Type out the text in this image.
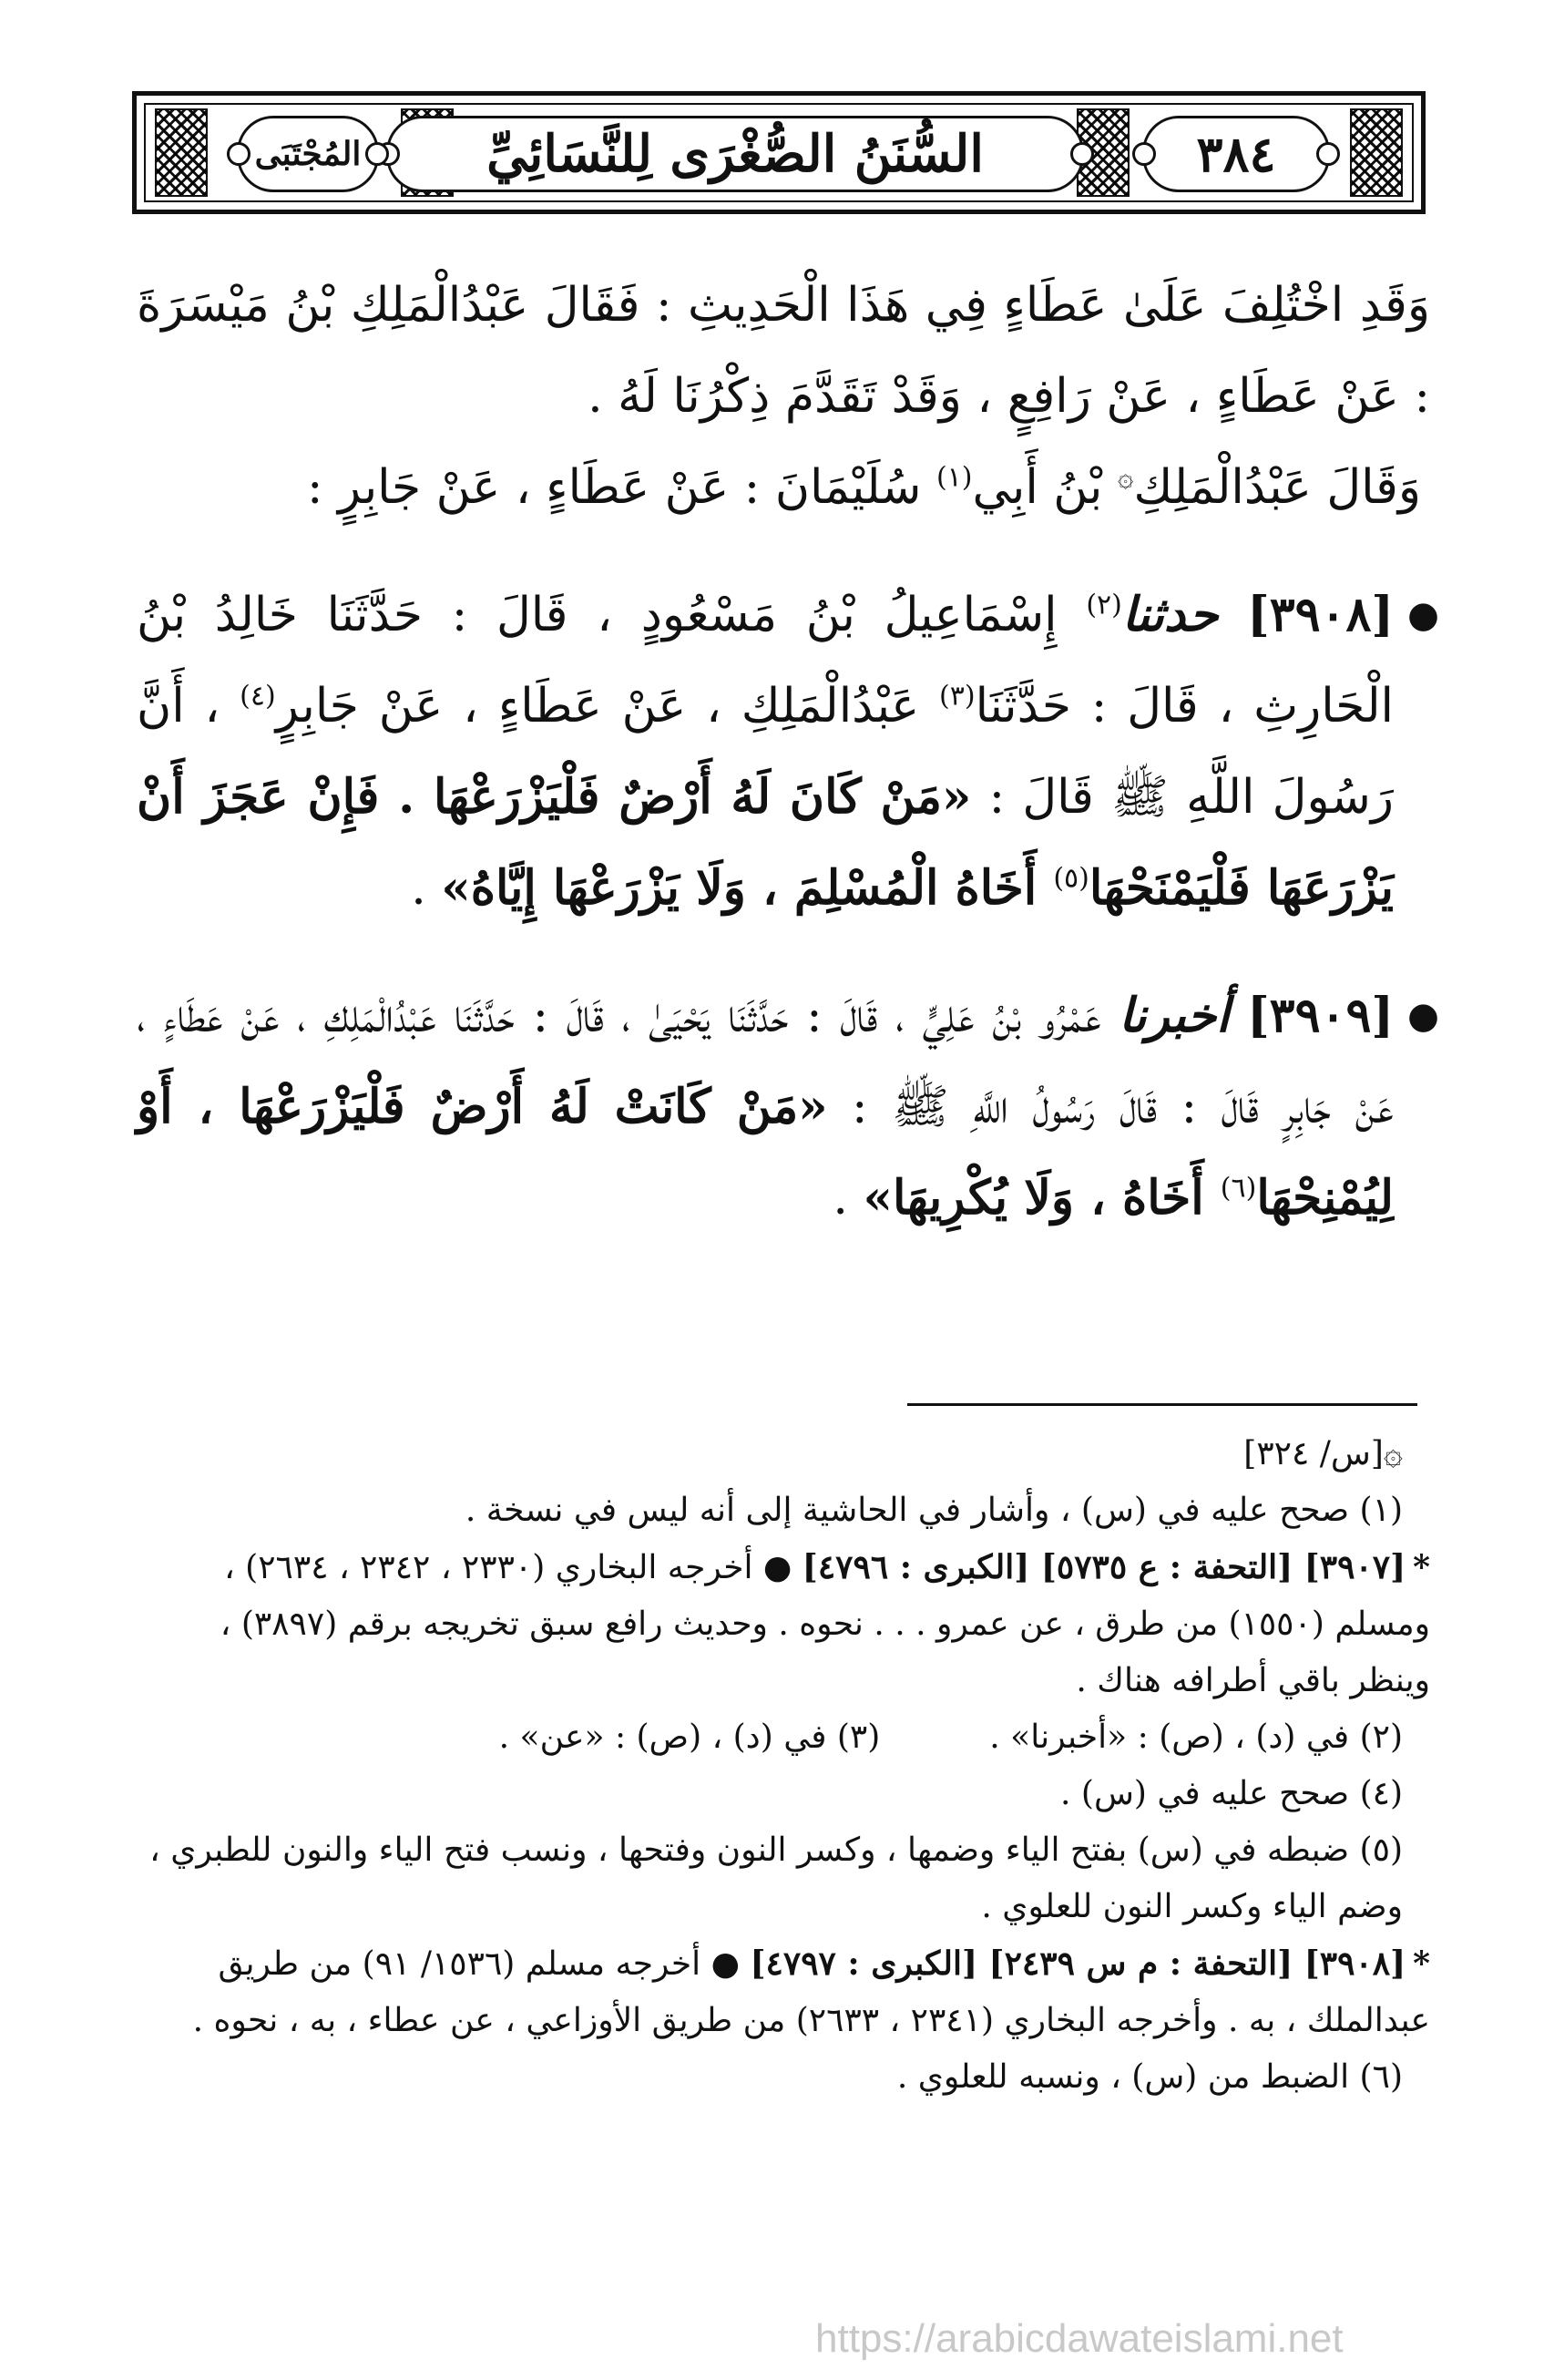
٣٨٤
السُّنَنُ الصُّغْرَى لِلنَّسَائِيِّ
المُجْتَبَى

وَقَدِ اخْتُلِفَ عَلَىٰ عَطَاءٍ فِي هَذَا الْحَدِيثِ : فَقَالَ عَبْدُالْمَلِكِ بْنُ مَيْسَرَةَ : عَنْ عَطَاءٍ ، عَنْ رَافِعٍ ، وَقَدْ تَقَدَّمَ ذِكْرُنَا لَهُ .

وَقَالَ عَبْدُالْمَلِكِ۞ بْنُ أَبِي$^{(١)}$ سُلَيْمَانَ : عَنْ عَطَاءٍ ، عَنْ جَابِرٍ :

●
[٣٩٠٨] حدثنا$^{(٢)}$ إِسْمَاعِيلُ بْنُ مَسْعُودٍ ، قَالَ : حَدَّثَنَا خَالِدُ بْنُ الْحَارِثِ ، قَالَ : حَدَّثَنَا$^{(٣)}$ عَبْدُالْمَلِكِ ، عَنْ عَطَاءٍ ، عَنْ جَابِرٍ$^{(٤)}$ ، أَنَّ رَسُولَ اللَّهِ ﷺ قَالَ : «مَنْ كَانَ لَهُ أَرْضٌ فَلْيَزْرَعْهَا . فَإِنْ عَجَزَ أَنْ يَزْرَعَهَا فَلْيَمْنَحْهَا$^{(٥)}$ أَخَاهُ الْمُسْلِمَ ، وَلَا يَزْرَعْهَا إِيَّاهُ» .

●
[٣٩٠٩] أخبرنا عَمْرُو بْنُ عَلِيٍّ ، قَالَ : حَدَّثَنَا يَحْيَىٰ ، قَالَ : حَدَّثَنَا عَبْدُالْمَلِكِ ، عَنْ عَطَاءٍ ، عَنْ جَابِرٍ قَالَ : قَالَ رَسُولُ اللَّهِ ﷺ : «مَنْ كَانَتْ لَهُ أَرْضٌ فَلْيَزْرَعْهَا ، أَوْ لِيُمْنِحْهَا$^{(٦)}$ أَخَاهُ ، وَلَا يُكْرِيهَا» .

۞[س/ ٣٢٤]

(١) صحح عليه في (س) ، وأشار في الحاشية إلى أنه ليس في نسخة .

*[٣٩٠٧] [التحفة : ع ٥٧٣٥] [الكبرى : ٤٧٩٦] ● أخرجه البخاري (٢٣٣٠ ، ٢٣٤٢ ، ٢٦٣٤) ، ومسلم (١٥٥٠) من طرق ، عن عمرو . . . نحوه . وحديث رافع سبق تخريجه برقم (٣٨٩٧) ، وينظر باقي أطرافه هناك .

(٢) في (د) ، (ص) : «أخبرنا» .
(٣) في (د) ، (ص) : «عن» .

(٤) صحح عليه في (س) .

(٥) ضبطه في (س) بفتح الياء وضمها ، وكسر النون وفتحها ، ونسب فتح الياء والنون للطبري ، وضم الياء وكسر النون للعلوي .

*[٣٩٠٨] [التحفة : م س ٢٤٣٩] [الكبرى : ٤٧٩٧] ● أخرجه مسلم (١٥٣٦/ ٩١) من طريق عبدالملك ، به . وأخرجه البخاري (٢٣٤١ ، ٢٦٣٣) من طريق الأوزاعي ، عن عطاء ، به ، نحوه .

(٦) الضبط من (س) ، ونسبه للعلوي .

https://arabicdawateislami.net
